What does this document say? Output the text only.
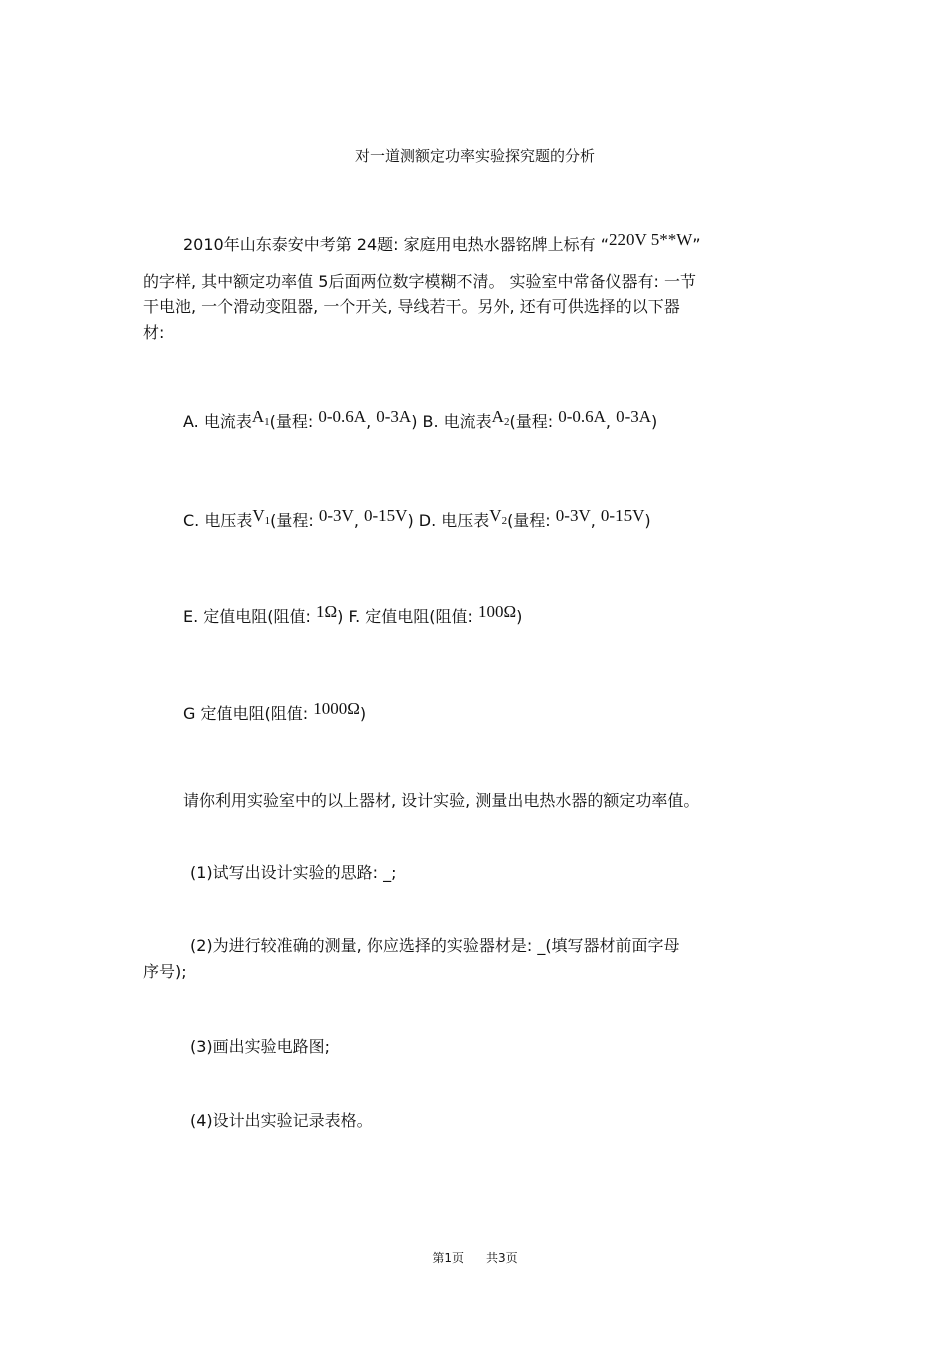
对一道测额定功率实验探究题的分析
2010年山东泰安中考第 24题: 家庭用电热水器铭牌上标有 “220V 5**W”
的字样, 其中额定功率值 5后面两位数字模糊不清。 实验室中常备仪器有: 一节
干电池, 一个滑动变阻器, 一个开关, 导线若干。另外, 还有可供选择的以下器
材:
A. 电流表A1(量程: 0-0.6A, 0-3A) B. 电流表A2(量程: 0-0.6A, 0-3A)
C. 电压表V1(量程: 0-3V, 0-15V) D. 电压表V2(量程: 0-3V, 0-15V)
E. 定值电阻(阻值: 1Ω) F. 定值电阻(阻值: 100Ω)
G 定值电阻(阻值: 1000Ω)
请你利用实验室中的以上器材, 设计实验, 测量出电热水器的额定功率值。
(1)试写出设计实验的思路: _;
(2)为进行较准确的测量, 你应选择的实验器材是: _(填写器材前面字母
序号);
(3)画出实验电路图;
(4)设计出实验记录表格。
第1页 共3页
